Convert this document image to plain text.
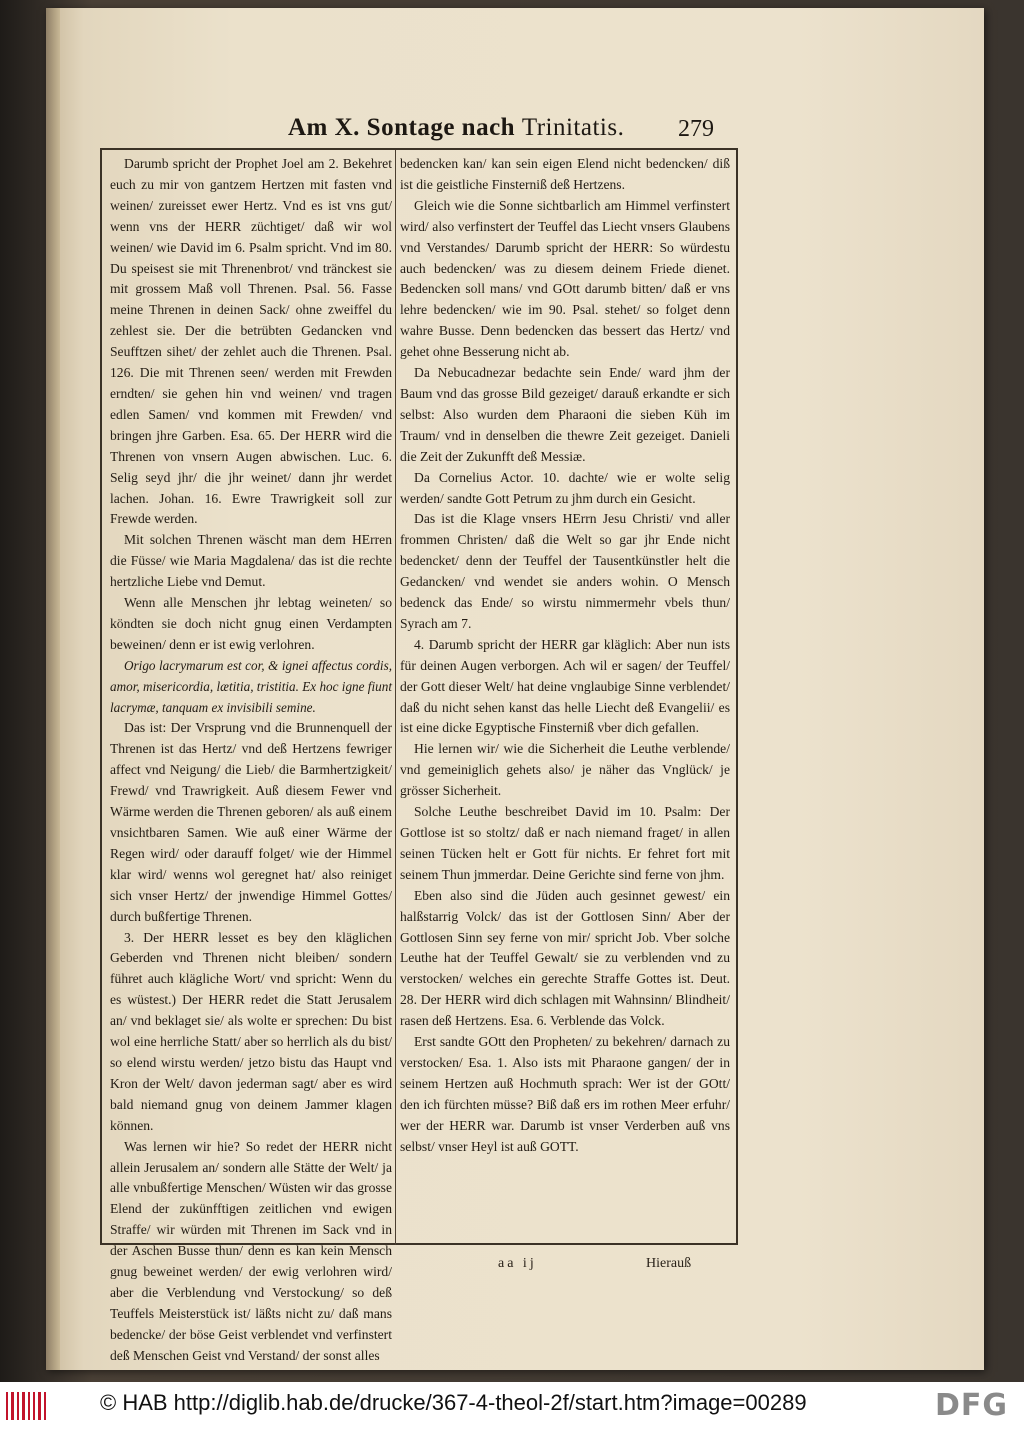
Am X. Sontage nach Trinitatis. 279

Darumb spricht der Prophet Joel am 2. Bekehret euch zu mir von gantzem Hertzen mit fasten vnd weinen/ zureisset ewer Hertz. Vnd es ist vns gut/ wenn vns der HERR züchtiget/ daß wir wol weinen/ wie David im 6. Psalm spricht. Vnd im 80. Du speisest sie mit Threnenbrot/ vnd tränckest sie mit grossem Maß voll Threnen. Psal. 56. Fasse meine Threnen in deinen Sack/ ohne zweiffel du zehlest sie. Der die betrübten Gedancken vnd Seufftzen sihet/ der zehlet auch die Threnen. Psal. 126. Die mit Threnen seen/ werden mit Frewden erndten/ sie gehen hin vnd weinen/ vnd tragen edlen Samen/ vnd kommen mit Frewden/ vnd bringen jhre Garben. Esa. 65. Der HERR wird die Threnen von vnsern Augen abwischen. Luc. 6. Selig seyd jhr/ die jhr weinet/ dann jhr werdet lachen. Johan. 16. Ewre Trawrigkeit soll zur Frewde werden.

Mit solchen Threnen wäscht man dem HErren die Füsse/ wie Maria Magdalena/ das ist die rechte hertzliche Liebe vnd Demut.

Wenn alle Menschen jhr lebtag weineten/ so köndten sie doch nicht gnug einen Verdampten beweinen/ denn er ist ewig verlohren.

Origo lacrymarum est cor, & ignei affectus cordis, amor, misericordia, lætitia, tristitia. Ex hoc igne fiunt lacrymæ, tanquam ex invisibili semine.

Das ist: Der Vrsprung vnd die Brunnenquell der Threnen ist das Hertz/ vnd deß Hertzens fewriger affect vnd Neigung/ die Lieb/ die Barmhertzigkeit/ Frewd/ vnd Trawrigkeit. Auß diesem Fewer vnd Wärme werden die Threnen geboren/ als auß einem vnsichtbaren Samen. Wie auß einer Wärme der Regen wird/ oder darauff folget/ wie der Himmel klar wird/ wenns wol geregnet hat/ also reiniget sich vnser Hertz/ der jnwendige Himmel Gottes/ durch bußfertige Threnen.

3. Der HERR lesset es bey den kläglichen Geberden vnd Threnen nicht bleiben/ sondern führet auch klägliche Wort/ vnd spricht: Wenn du es wüstest.) Der HERR redet die Statt Jerusalem an/ vnd beklaget sie/ als wolte er sprechen: Du bist wol eine herrliche Statt/ aber so herrlich als du bist/ so elend wirstu werden/ jetzo bistu das Haupt vnd Kron der Welt/ davon jederman sagt/ aber es wird bald niemand gnug von deinem Jammer klagen können.

Was lernen wir hie? So redet der HERR nicht allein Jerusalem an/ sondern alle Stätte der Welt/ ja alle vnbußfertige Menschen/ Wüsten wir das grosse Elend der zukünfftigen zeitlichen vnd ewigen Straffe/ wir würden mit Threnen im Sack vnd in der Aschen Busse thun/ denn es kan kein Mensch gnug beweinet werden/ der ewig verlohren wird/ aber die Verblendung vnd Verstockung/ so deß Teuffels Meisterstück ist/ läßts nicht zu/ daß mans bedencke/ der böse Geist verblendet vnd verfinstert deß Menschen Geist vnd Verstand/ der sonst alles

bedencken kan/ kan sein eigen Elend nicht bedencken/ diß ist die geistliche Finsterniß deß Hertzens.

Gleich wie die Sonne sichtbarlich am Himmel verfinstert wird/ also verfinstert der Teuffel das Liecht vnsers Glaubens vnd Verstandes/ Darumb spricht der HERR: So würdestu auch bedencken/ was zu diesem deinem Friede dienet. Bedencken soll mans/ vnd GOtt darumb bitten/ daß er vns lehre bedencken/ wie im 90. Psal. stehet/ so folget denn wahre Busse. Denn bedencken das bessert das Hertz/ vnd gehet ohne Besserung nicht ab.

Da Nebucadnezar bedachte sein Ende/ ward jhm der Baum vnd das grosse Bild gezeiget/ darauß erkandte er sich selbst: Also wurden dem Pharaoni die sieben Küh im Traum/ vnd in denselben die thewre Zeit gezeiget. Danieli die Zeit der Zukunfft deß Messiæ.

Da Cornelius Actor. 10. dachte/ wie er wolte selig werden/ sandte Gott Petrum zu jhm durch ein Gesicht.

Das ist die Klage vnsers HErrn Jesu Christi/ vnd aller frommen Christen/ daß die Welt so gar jhr Ende nicht bedencket/ denn der Teuffel der Tausentkünstler helt die Gedancken/ vnd wendet sie anders wohin. O Mensch bedenck das Ende/ so wirstu nimmermehr vbels thun/ Syrach am 7.

4. Darumb spricht der HERR gar kläglich: Aber nun ists für deinen Augen verborgen. Ach wil er sagen/ der Teuffel/ der Gott dieser Welt/ hat deine vnglaubige Sinne verblendet/ daß du nicht sehen kanst das helle Liecht deß Evangelii/ es ist eine dicke Egyptische Finsterniß vber dich gefallen.

Hie lernen wir/ wie die Sicherheit die Leuthe verblende/ vnd gemeiniglich gehets also/ je näher das Vnglück/ je grösser Sicherheit.

Solche Leuthe beschreibet David im 10. Psalm: Der Gottlose ist so stoltz/ daß er nach niemand fraget/ in allen seinen Tücken helt er Gott für nichts. Er fehret fort mit seinem Thun jmmerdar. Deine Gerichte sind ferne von jhm.

Eben also sind die Jüden auch gesinnet gewest/ ein halßstarrig Volck/ das ist der Gottlosen Sinn/ Aber der Gottlosen Sinn sey ferne von mir/ spricht Job. Vber solche Leuthe hat der Teuffel Gewalt/ sie zu verblenden vnd zu verstocken/ welches ein gerechte Straffe Gottes ist. Deut. 28. Der HERR wird dich schlagen mit Wahnsinn/ Blindheit/ rasen deß Hertzens. Esa. 6. Verblende das Volck.

Erst sandte GOtt den Propheten/ zu bekehren/ darnach zu verstocken/ Esa. 1. Also ists mit Pharaone gangen/ der in seinem Hertzen auß Hochmuth sprach: Wer ist der GOtt/ den ich fürchten müsse? Biß daß ers im rothen Meer erfuhr/ wer der HERR war. Darumb ist vnser Verderben auß vns selbst/ vnser Heyl ist auß GOTT.

aa ij	Hierauß
© HAB http://diglib.hab.de/drucke/367-4-theol-2f/start.htm?image=00289	DFG
